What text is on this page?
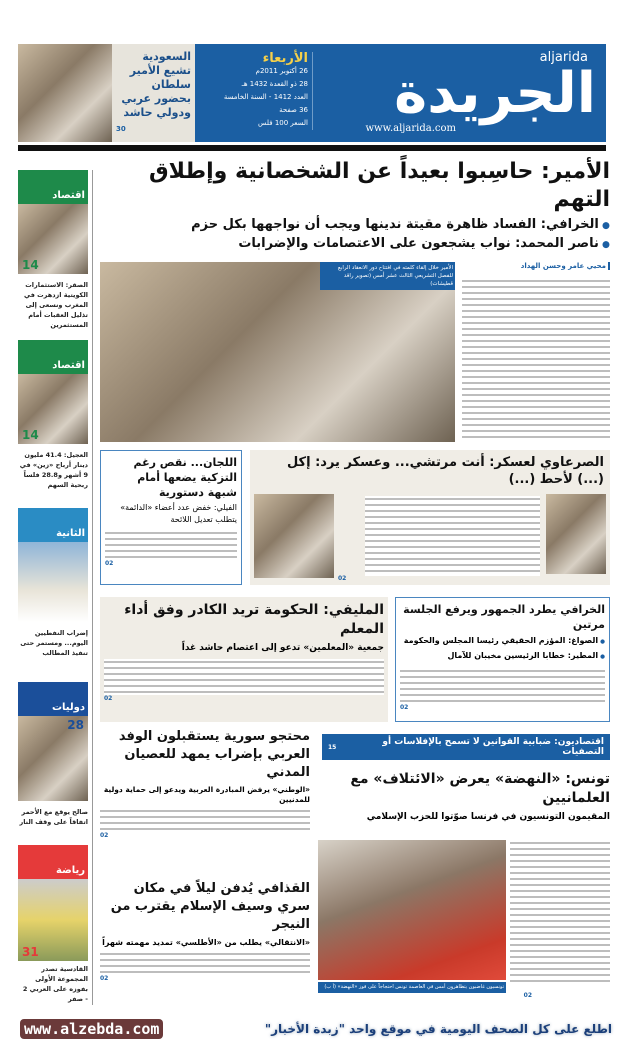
السعودية تشيع الأمير سلطان بحضور عربي ودولي حاشد
30
aljarida
الجريدة
www.aljarida.com
الأربعاء
26 أكتوبر 2011م
28 ذو القعدة 1432 هـ
العدد 1412 - السنة الخامسة
36 صفحة
السعر 100 فلس
اقتصاد
14
الصقر: الاستثمارات الكويتية ازدهرت في المغرب ونسعى إلى تذليل العقبات أمام المستثمرين
اقتصاد
14
العجيل: 41.4 مليون دينار أرباح «زين» في 9 أشهر و28.8 فلساً ربحية السهم
الثانية
إضراب النفطيين اليوم... ومستمر حتى تنفيذ المطالب
دوليات
28
صالح يوقع مع الأحمر اتفاقاً على وقف النار
رياضة
31
القادسية تصدر المجموعة الأولى بفوزه على العربي 2 - صفر
الأمير: حاسِبوا بعيداً عن الشخصانية وإطلاق التهم
● الخرافي: الفساد ظاهرة مقيتة ندينها ويجب أن نواجهها بكل حزم
● ناصر المحمد: نواب يشجعون على الاعتصامات والإضرابات
محيي عامر وحسن الهداد
الأمير خلال إلقاء كلمته في افتتاح دور الانعقاد الرابع للفصل التشريعي الثالث عشر أمس (تصوير راقد قطيشات)
الصرعاوي لعسكر: أنت مرتشي... وعسكر يرد: إكل (...) لأحط (...)
02
اللجان... نقص رغم التزكية يضعها أمام شبهة دستورية
الفيلي: خفض عدد أعضاء «الدائمة» يتطلب تعديل اللائحة
02
الخرافي يطرد الجمهور ويرفع الجلسة مرتين
● الصواغ: المؤزم الحقيقي رئيسا المجلس والحكومة
● المطير: خطابا الرئيسين مخيبان للآمال
02
المليفي: الحكومة تريد الكادر وفق أداء المعلم
جمعية «المعلمين» تدعو إلى اعتصام حاشد غداً
02
اقتصاديون: ضبابية القوانين لا تسمح بالإفلاسات أو التصفيات
15
تونس: «النهضة» يعرض «الائتلاف» مع العلمانيين
المقيمون التونسيون في فرنسا صوّتوا للحزب الإسلامي
تونسيون غاضبون يتظاهرون أمس في العاصمة تونس احتجاجاً على فوز «النهضة» (أ ب)
02
محتجو سورية يستقبلون الوفد العربي بإضراب يمهد للعصيان المدني
«الوطني» يرفض المبادرة العربية ويدعو إلى حماية دولية للمدنيين
02
القذافي يُدفن ليلاً في مكان سري وسيف الإسلام يقترب من النيجر
«الانتقالي» يطلب من «الأطلسي» تمديد مهمته شهراً
02
اطلع على كل الصحف اليومية في موقع واحد "زبدة الأخبار"
www.alzebda.com
